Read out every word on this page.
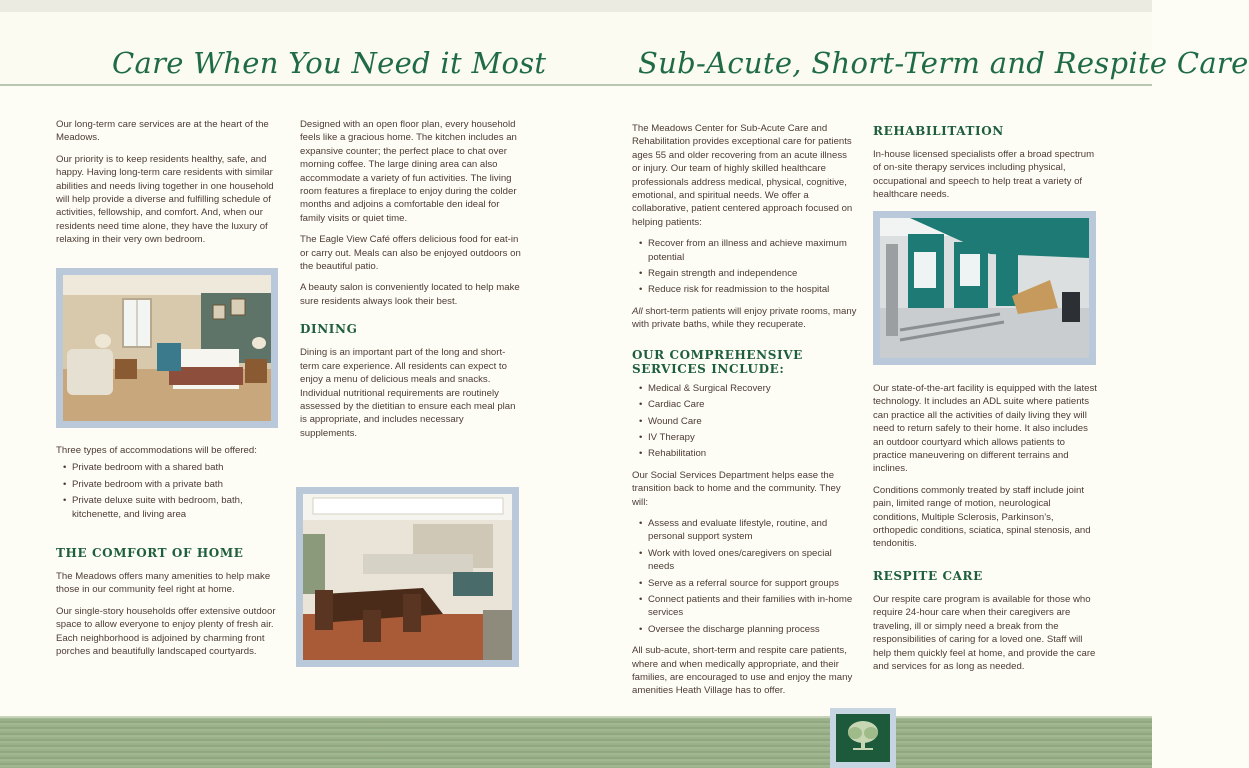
Care When You Need it Most	Sub-Acute, Short-Term and Respite Care

Our long-term care services are at the heart of the Meadows.

Our priority is to keep residents healthy, safe, and happy. Having long-term care residents with similar abilities and needs living together in one household will help provide a diverse and fulfilling schedule of activities, fellowship, and comfort. And, when our residents need time alone, they have the luxury of relaxing in their very own bedroom.

Three types of accommodations will be offered:

• Private bedroom with a shared bath
• Private bedroom with a private bath
• Private deluxe suite with bedroom, bath, kitchenette, and living area
THE COMFORT OF HOME

The Meadows offers many amenities to help make those in our community feel right at home.

Our single-story households offer extensive outdoor space to allow everyone to enjoy plenty of fresh air. Each neighborhood is adjoined by charming front porches and beautifully landscaped courtyards.

Designed with an open floor plan, every household feels like a gracious home. The kitchen includes an expansive counter; the perfect place to chat over morning coffee. The large dining area can also accommodate a variety of fun activities. The living room features a fireplace to enjoy during the colder months and adjoins a comfortable den ideal for family visits or quiet time.

The Eagle View Café offers delicious food for eat-in or carry out. Meals can also be enjoyed outdoors on the beautiful patio.

A beauty salon is conveniently located to help make sure residents always look their best.

DINING

Dining is an important part of the long and short-term care experience. All residents can expect to enjoy a menu of delicious meals and snacks. Individual nutritional requirements are routinely assessed by the dietitian to ensure each meal plan is appropriate, and includes necessary supplements.

The Meadows Center for Sub-Acute Care and Rehabilitation provides exceptional care for patients ages 55 and older recovering from an acute illness or injury. Our team of highly skilled healthcare professionals address medical, physical, cognitive, emotional, and spiritual needs. We offer a collaborative, patient centered approach focused on helping patients:

• Recover from an illness and achieve maximum potential
• Regain strength and independence
• Reduce risk for readmission to the hospital

All short-term patients will enjoy private rooms, many with private baths, while they recuperate.

OUR COMPREHENSIVE
SERVICES INCLUDE:
• Medical & Surgical Recovery
• Cardiac Care
• Wound Care
• IV Therapy
• Rehabilitation

Our Social Services Department helps ease the transition back to home and the community. They will:

• Assess and evaluate lifestyle, routine, and personal support system
• Work with loved ones/caregivers on special needs
• Serve as a referral source for support groups
• Connect patients and their families with in-home services
• Oversee the discharge planning process

All sub-acute, short-term and respite care patients, where and when medically appropriate, and their families, are encouraged to use and enjoy the many amenities Heath Village has to offer.

REHABILITATION

In-house licensed specialists offer a broad spectrum of on-site therapy services including physical, occupational and speech to help treat a variety of healthcare needs.

Our state-of-the-art facility is equipped with the latest technology. It includes an ADL suite where patients can practice all the activities of daily living they will need to return safely to their home. It also includes an outdoor courtyard which allows patients to practice maneuvering on different terrains and inclines.

Conditions commonly treated by staff include joint pain, limited range of motion, neurological conditions, Multiple Sclerosis, Parkinson’s, orthopedic conditions, sciatica, spinal stenosis, and tendonitis.

RESPITE CARE

Our respite care program is available for those who require 24-hour care when their caregivers are traveling, ill or simply need a break from the responsibilities of caring for a loved one. Staff will help them quickly feel at home, and provide the care and services for as long as needed.
